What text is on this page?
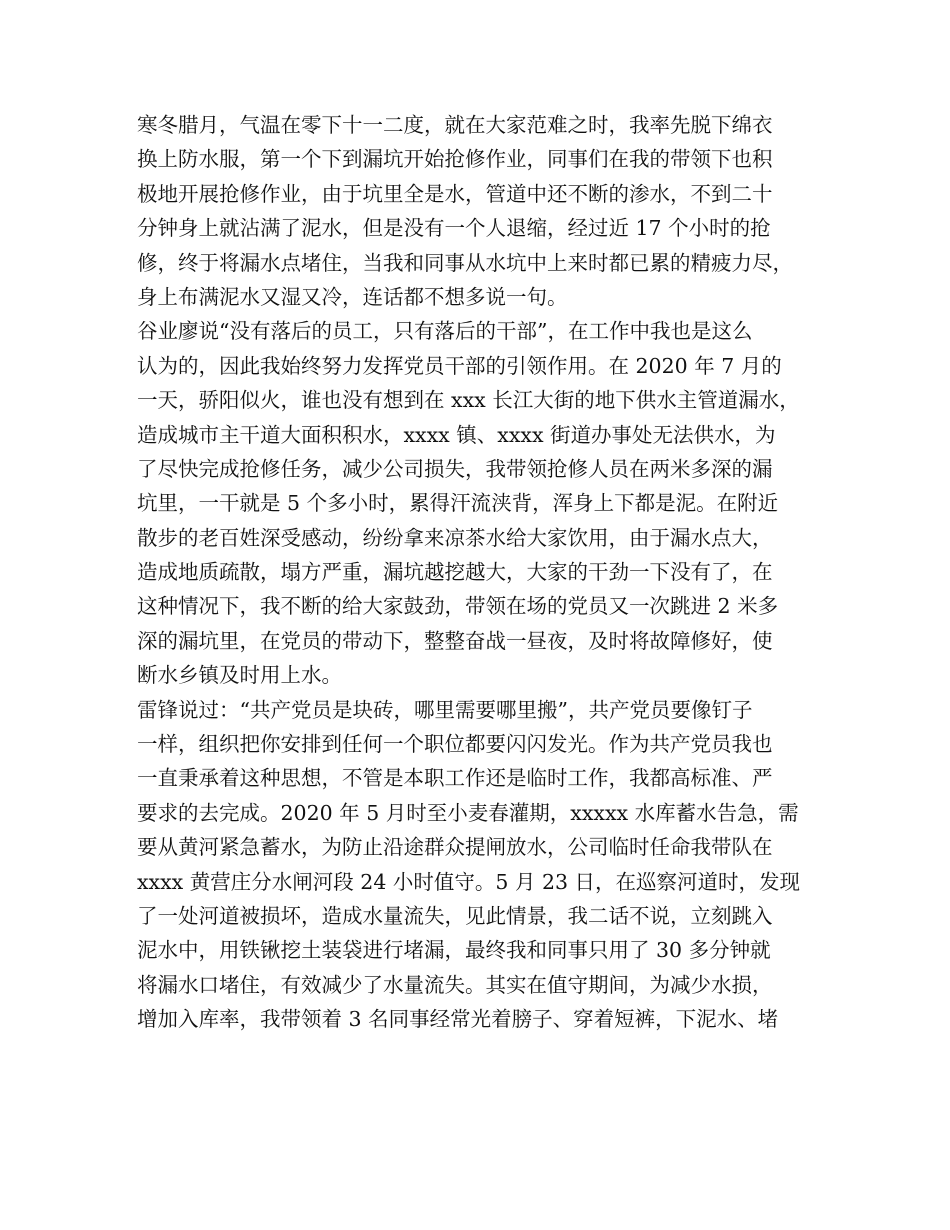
寒冬腊月，气温在零下十一二度，就在大家范难之时，我率先脱下绵衣
换上防水服，第一个下到漏坑开始抢修作业，同事们在我的带领下也积
极地开展抢修作业，由于坑里全是水，管道中还不断的渗水，不到二十
分钟身上就沾满了泥水，但是没有一个人退缩，经过近 17 个小时的抢
修，终于将漏水点堵住，当我和同事从水坑中上来时都已累的精疲力尽，
身上布满泥水又湿又冷，连话都不想多说一句。
谷业廖说“没有落后的员工，只有落后的干部”，在工作中我也是这么
认为的，因此我始终努力发挥党员干部的引领作用。在 2020 年 7 月的
一天，骄阳似火，谁也没有想到在 xxx 长江大街的地下供水主管道漏水，
造成城市主干道大面积积水，xxxx 镇、xxxx 街道办事处无法供水，为
了尽快完成抢修任务，减少公司损失，我带领抢修人员在两米多深的漏
坑里，一干就是 5 个多小时，累得汗流浃背，浑身上下都是泥。在附近
散步的老百姓深受感动，纷纷拿来凉茶水给大家饮用，由于漏水点大，
造成地质疏散，塌方严重，漏坑越挖越大，大家的干劲一下没有了，在
这种情况下，我不断的给大家鼓劲，带领在场的党员又一次跳进 2 米多
深的漏坑里，在党员的带动下，整整奋战一昼夜，及时将故障修好，使
断水乡镇及时用上水。
雷锋说过：“共产党员是块砖，哪里需要哪里搬”，共产党员要像钉子
一样，组织把你安排到任何一个职位都要闪闪发光。作为共产党员我也
一直秉承着这种思想，不管是本职工作还是临时工作，我都高标准、严
要求的去完成。2020 年 5 月时至小麦春灌期，xxxxx 水库蓄水告急，需
要从黄河紧急蓄水，为防止沿途群众提闸放水，公司临时任命我带队在
xxxx 黄营庄分水闸河段 24 小时值守。5 月 23 日，在巡察河道时，发现
了一处河道被损坏，造成水量流失，见此情景，我二话不说，立刻跳入
泥水中，用铁锹挖土装袋进行堵漏，最终我和同事只用了 30 多分钟就
将漏水口堵住，有效减少了水量流失。其实在值守期间，为减少水损，
增加入库率，我带领着 3 名同事经常光着膀子、穿着短裤，下泥水、堵
